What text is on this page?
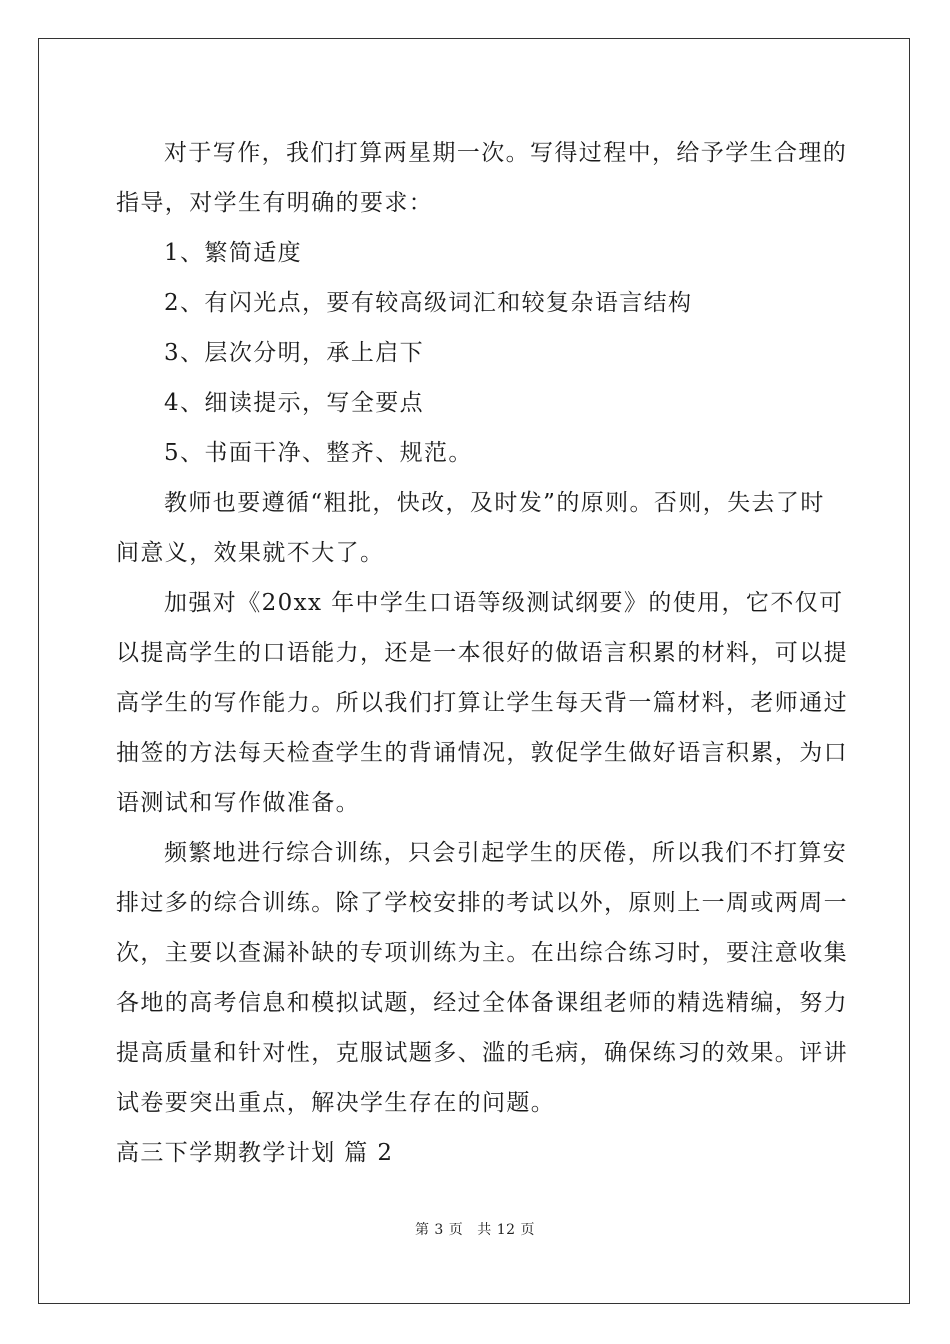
对于写作，我们打算两星期一次。写得过程中，给予学生合理的
指导，对学生有明确的要求：
1、繁简适度
2、有闪光点，要有较高级词汇和较复杂语言结构
3、层次分明，承上启下
4、细读提示，写全要点
5、书面干净、整齐、规范。
教师也要遵循“粗批，快改，及时发”的原则。否则，失去了时
间意义，效果就不大了。
加强对《20xx 年中学生口语等级测试纲要》的使用，它不仅可
以提高学生的口语能力，还是一本很好的做语言积累的材料，可以提
高学生的写作能力。所以我们打算让学生每天背一篇材料，老师通过
抽签的方法每天检查学生的背诵情况，敦促学生做好语言积累，为口
语测试和写作做准备。
频繁地进行综合训练，只会引起学生的厌倦，所以我们不打算安
排过多的综合训练。除了学校安排的考试以外，原则上一周或两周一
次，主要以查漏补缺的专项训练为主。在出综合练习时，要注意收集
各地的高考信息和模拟试题，经过全体备课组老师的精选精编，努力
提高质量和针对性，克服试题多、滥的毛病，确保练习的效果。评讲
试卷要突出重点，解决学生存在的问题。
高三下学期教学计划 篇 2
第 3 页 共 12 页
